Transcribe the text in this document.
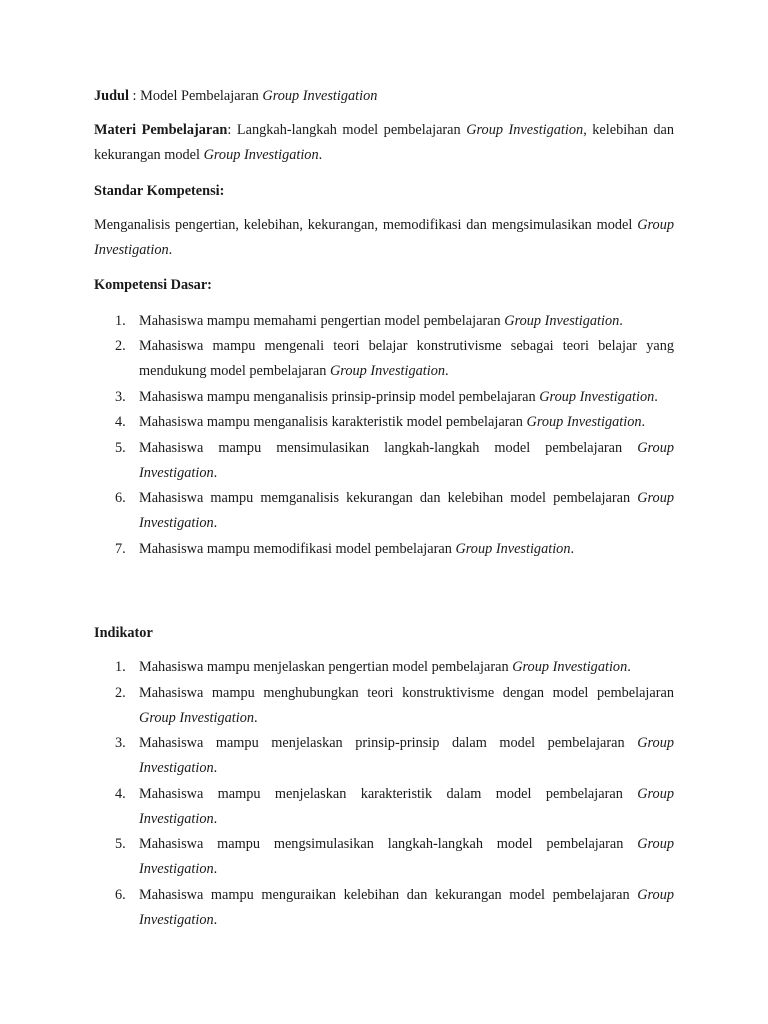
Judul : Model Pembelajaran Group Investigation
Materi Pembelajaran: Langkah-langkah model pembelajaran Group Investigation, kelebihan dan kekurangan model Group Investigation.
Standar Kompetensi:
Menganalisis pengertian, kelebihan, kekurangan, memodifikasi dan mengsimulasikan model Group Investigation.
Kompetensi Dasar:
1. Mahasiswa mampu memahami pengertian model pembelajaran Group Investigation.
2. Mahasiswa mampu mengenali teori belajar konstrutivisme sebagai teori belajar yang mendukung model pembelajaran Group Investigation.
3. Mahasiswa mampu menganalisis prinsip-prinsip model pembelajaran Group Investigation.
4. Mahasiswa mampu menganalisis karakteristik model pembelajaran Group Investigation.
5. Mahasiswa mampu mensimulasikan langkah-langkah model pembelajaran Group Investigation.
6. Mahasiswa mampu memganalisis kekurangan dan kelebihan model pembelajaran Group Investigation.
7. Mahasiswa mampu memodifikasi model pembelajaran Group Investigation.
Indikator
1. Mahasiswa mampu menjelaskan pengertian model pembelajaran Group Investigation.
2. Mahasiswa mampu menghubungkan teori konstruktivisme dengan model pembelajaran Group Investigation.
3. Mahasiswa mampu menjelaskan prinsip-prinsip dalam model pembelajaran Group Investigation.
4. Mahasiswa mampu menjelaskan karakteristik dalam model pembelajaran Group Investigation.
5. Mahasiswa mampu mengsimulasikan langkah-langkah model pembelajaran Group Investigation.
6. Mahasiswa mampu menguraikan kelebihan dan kekurangan model pembelajaran Group Investigation.
